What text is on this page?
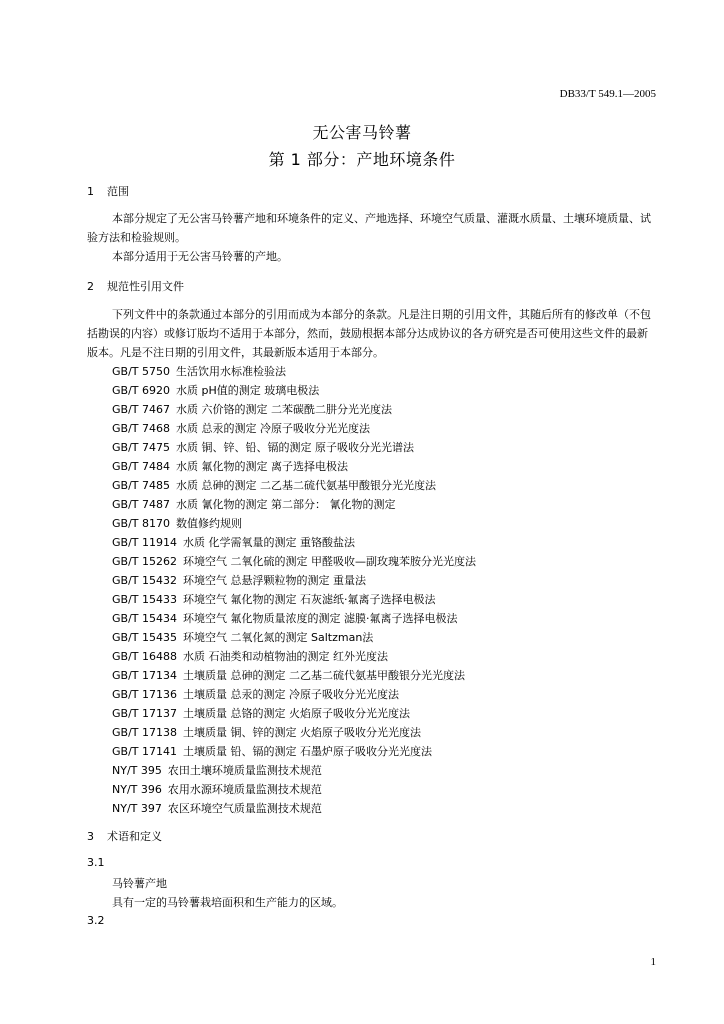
DB33/T 549.1—2005
无公害马铃薯
第 1 部分：产地环境条件
1 范围

本部分规定了无公害马铃薯产地和环境条件的定义、产地选择、环境空气质量、灌溉水质量、土壤环境质量、试验方法和检验规则。

本部分适用于无公害马铃薯的产地。

2 规范性引用文件

下列文件中的条款通过本部分的引用而成为本部分的条款。凡是注日期的引用文件，其随后所有的修改单（不包括勘误的内容）或修订版均不适用于本部分，然而，鼓励根据本部分达成协议的各方研究是否可使用这些文件的最新版本。凡是不注日期的引用文件，其最新版本适用于本部分。

GB/T 5750 生活饮用水标准检验法
GB/T 6920 水质 pH值的测定 玻璃电极法
GB/T 7467 水质 六价铬的测定 二苯碳酰二肼分光光度法
GB/T 7468 水质 总汞的测定 冷原子吸收分光光度法
GB/T 7475 水质 铜、锌、铅、镉的测定 原子吸收分光光谱法
GB/T 7484 水质 氟化物的测定 离子选择电极法
GB/T 7485 水质 总砷的测定 二乙基二硫代氨基甲酸银分光光度法
GB/T 7487 水质 氰化物的测定 第二部分： 氰化物的测定
GB/T 8170 数值修约规则
GB/T 11914 水质 化学需氧量的测定 重铬酸盐法
GB/T 15262 环境空气 二氧化硫的测定 甲醛吸收—副玫瑰苯胺分光光度法
GB/T 15432 环境空气 总悬浮颗粒物的测定 重量法
GB/T 15433 环境空气 氟化物的测定 石灰滤纸·氟离子选择电极法
GB/T 15434 环境空气 氟化物质量浓度的测定 滤膜·氟离子选择电极法
GB/T 15435 环境空气 二氧化氮的测定 Saltzman法
GB/T 16488 水质 石油类和动植物油的测定 红外光度法
GB/T 17134 土壤质量 总砷的测定 二乙基二硫代氨基甲酸银分光光度法
GB/T 17136 土壤质量 总汞的测定 冷原子吸收分光光度法
GB/T 17137 土壤质量 总铬的测定 火焰原子吸收分光光度法
GB/T 17138 土壤质量 铜、锌的测定 火焰原子吸收分光光度法
GB/T 17141 土壤质量 铅、镉的测定 石墨炉原子吸收分光光度法
NY/T 395 农田土壤环境质量监测技术规范
NY/T 396 农用水源环境质量监测技术规范
NY/T 397 农区环境空气质量监测技术规范
3 术语和定义
3.1
马铃薯产地
具有一定的马铃薯栽培面积和生产能力的区域。
3.2
1
